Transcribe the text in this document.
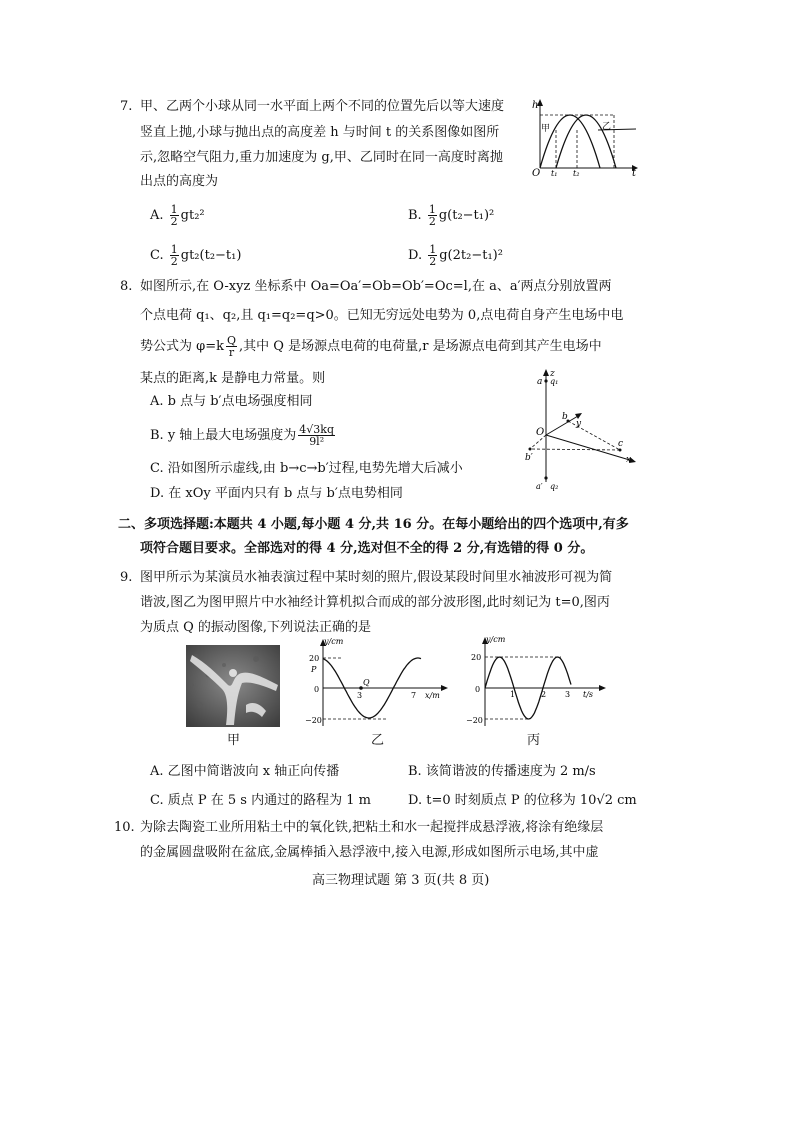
7. 甲、乙两个小球从同一水平面上两个不同的位置先后以等大速度
竖直上抛,小球与抛出点的高度差 h 与时间 t 的关系图像如图所
示,忽略空气阻力,重力加速度为 g,甲、乙同时在同一高度时离抛
出点的高度为
A. $\frac{1}{2} gt_2^2$	B. $\frac{1}{2} g(t_2-t_1)^2$
C. $\frac{1}{2} gt_2(t_2-t_1)$	D. $\frac{1}{2} g(2t_2-t_1)^2$
h
t
O
甲	乙
t₁ t₂
8. 如图所示,在 O-xyz 坐标系中 Oa=Oa′=Ob=Ob′=Oc=l,在 a、a′两点分别放置两
个点电荷 q₁、q₂,且 q₁=q₂=q>0。已知无穷远处电势为 0,点电荷自身产生电场中电
势公式为 $\varphi=k \frac{Q}{r}$ ,其中 Q 是场源点电荷的电荷量,r 是场源点电荷到其产生电场中
某点的距离,k 是静电力常量。则
A. b 点与 b′点电场强度相同
B. y 轴上最大电场强度为 $\frac{4√3kq}{\text{9l²}}$
C. 沿如图所示虚线,由 b→c→b′过程,电势先增大后减小
D. 在 xOy 平面内只有 b 点与 b′点电势相同
a q₁
z
y
b
O
c
b′	x
a′ q₂
二、多项选择题:本题共 4 小题,每小题 4 分,共 16 分。在每小题给出的四个选项中,有多
项符合题目要求。全部选对的得 4 分,选对但不全的得 2 分,有选错的得 0 分。
9. 图甲所示为某演员水袖表演过程中某时刻的照片,假设某段时间里水袖波形可视为简
谐波,图乙为图甲照片中水袖经计算机拟合而成的部分波形图,此时刻记为 t=0,图丙
为质点 Q 的振动图像,下列说法正确的是
甲
y/cm
20
P
0
Q
−20
3	7 x/m
乙
y/cm
20
0
−20
1	2 3 t/s
丙
A. 乙图中简谐波向 x 轴正向传播	B. 该简谐波的传播速度为 2 m/s
C. 质点 P 在 5 s 内通过的路程为 1 m	D. t=0 时刻质点 P 的位移为 10√2 cm
10. 为除去陶瓷工业所用粘土中的氧化铁,把粘土和水一起搅拌成悬浮液,将涂有绝缘层
的金属圆盘吸附在盆底,金属棒插入悬浮液中,接入电源,形成如图所示电场,其中虚
高三物理试题 第 3 页(共 8 页)
